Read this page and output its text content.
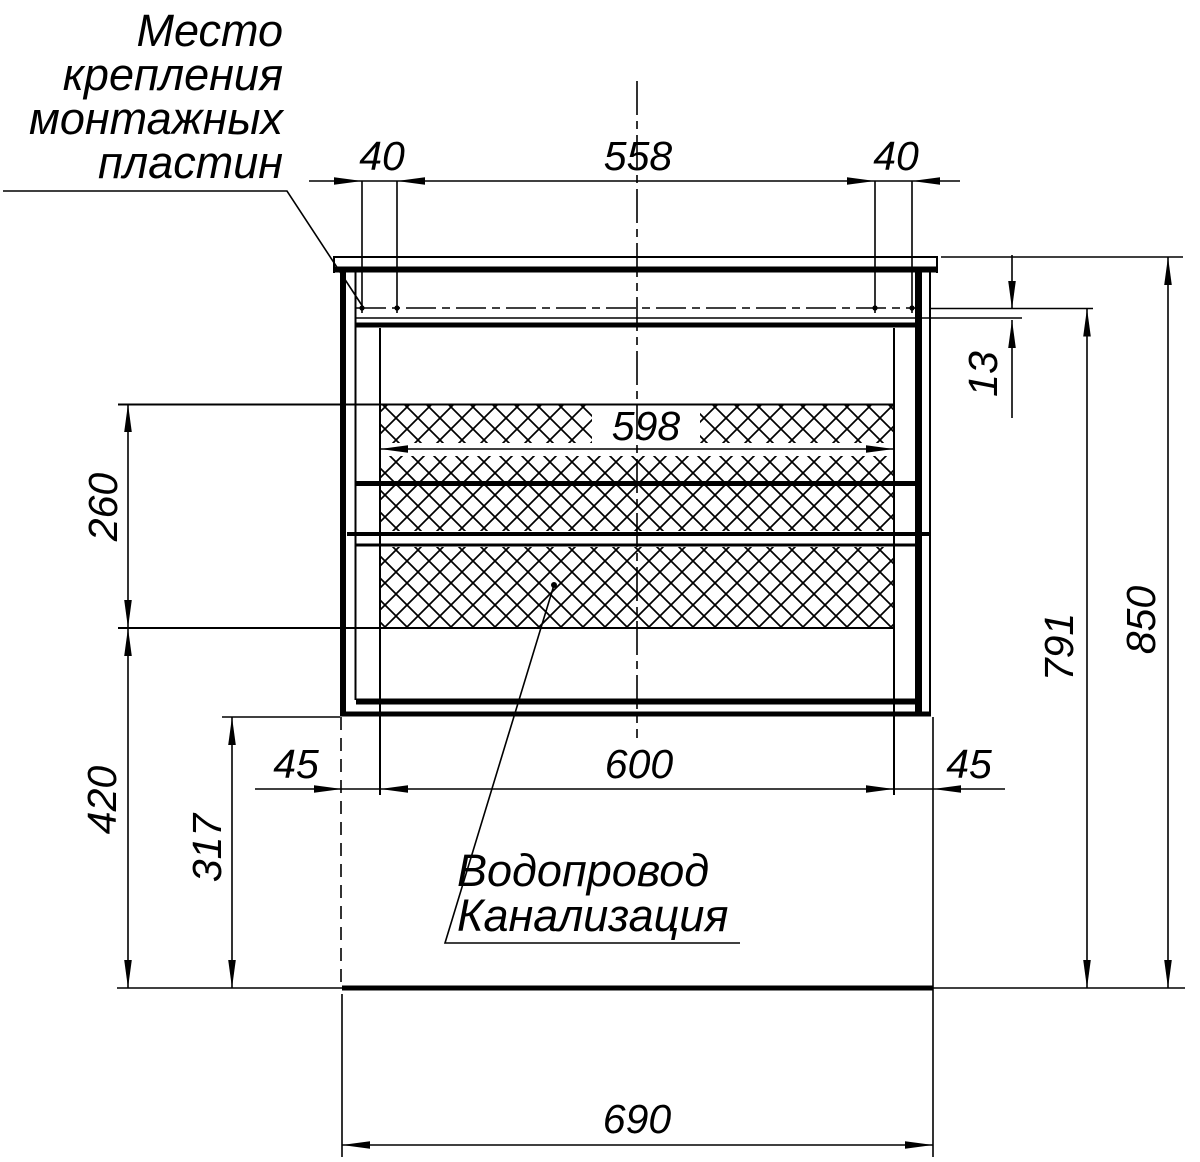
40	558	40
598
45	600	45
690
13
260
420
317
791 850
Место
крепления
монтажных
пластин
Водопровод
Канализация
